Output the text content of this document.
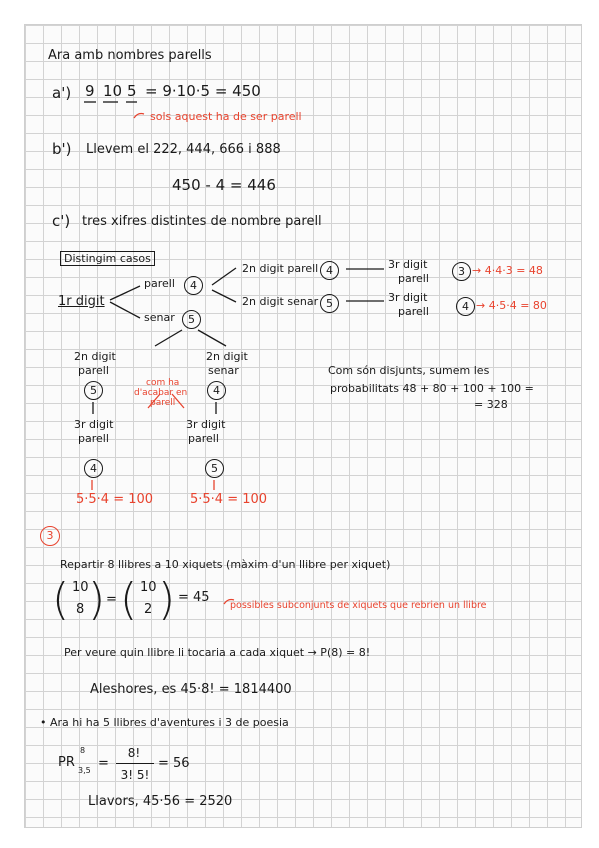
Ara amb nombres parells
a') 9 10 5 = 9·10·5 = 450
sols aquest ha de ser parell
b') Llevem el 222, 444, 666 i 888
450 - 4 = 446
c') tres xifres distintes de nombre parell
Distingim casos
1r digit
parell	4
senar	5
2n digit parell 4	3r digit
parell
3 → 4·4·3 = 48
2n digit senar 5	3r digit
parell	4 → 4·5·4 = 80
2n digit
parell
5
3r digit
parell
4
5·5·4 = 100
com ha
d'acabar en
parell
2n digit
senar
4
3r digit
parell
5
5·5·4 = 100
Com són disjunts, sumem les
probabilitats 48 + 80 + 100 + 100 =
= 328
3
Repartir 8 llibres a 10 xiquets (màxim d'un llibre per xiquet)
( 10
8 ) = ( 10
2 ) = 45
possibles subconjunts de xiquets que rebrien un llibre
Per veure quin llibre li tocaria a cada xiquet → P(8) = 8!
Aleshores, es 45·8! = 1814400
• Ara hi ha 5 llibres d'aventures i 3 de poesia
PR
8
3,5 =
8!
3! 5!
= 56
Llavors, 45·56 = 2520
